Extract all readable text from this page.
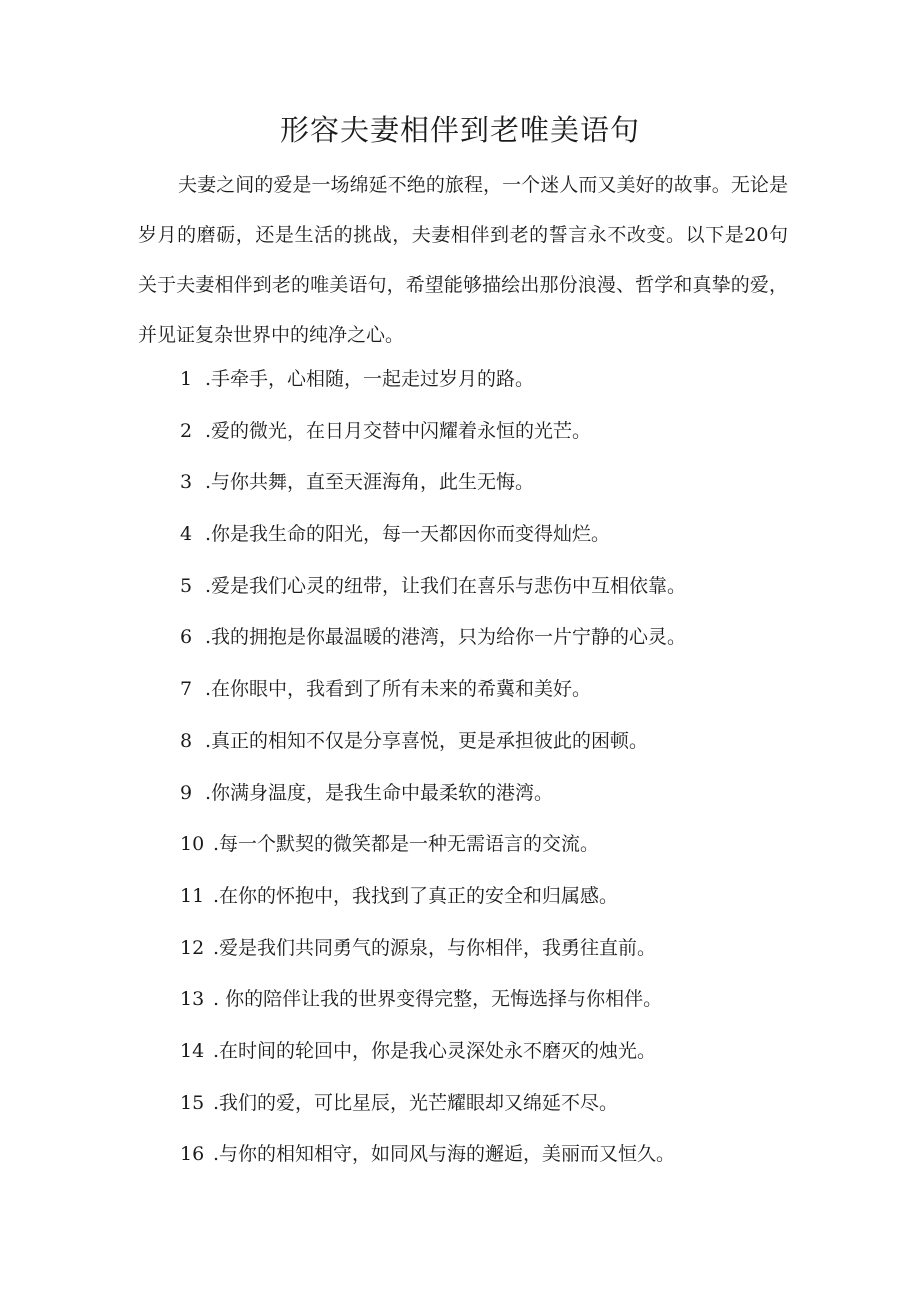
形容夫妻相伴到老唯美语句

夫妻之间的爱是一场绵延不绝的旅程，一个迷人而又美好的故事。无论是岁月的磨砺，还是生活的挑战，夫妻相伴到老的誓言永不改变。以下是20句关于夫妻相伴到老的唯美语句，希望能够描绘出那份浪漫、哲学和真挚的爱，并见证复杂世界中的纯净之心。

1 .手牵手，心相随，一起走过岁月的路。
2 .爱的微光，在日月交替中闪耀着永恒的光芒。
3 .与你共舞，直至天涯海角，此生无悔。
4 .你是我生命的阳光，每一天都因你而变得灿烂。
5 .爱是我们心灵的纽带，让我们在喜乐与悲伤中互相依靠。
6 .我的拥抱是你最温暖的港湾，只为给你一片宁静的心灵。
7 .在你眼中，我看到了所有未来的希冀和美好。
8 .真正的相知不仅是分享喜悦，更是承担彼此的困顿。
9 .你满身温度，是我生命中最柔软的港湾。
10 .每一个默契的微笑都是一种无需语言的交流。
11 .在你的怀抱中，我找到了真正的安全和归属感。
12 .爱是我们共同勇气的源泉，与你相伴，我勇往直前。
13 . 你的陪伴让我的世界变得完整，无悔选择与你相伴。
14 .在时间的轮回中，你是我心灵深处永不磨灭的烛光。
15 .我们的爱，可比星辰，光芒耀眼却又绵延不尽。
16 .与你的相知相守，如同风与海的邂逅，美丽而又恒久。
